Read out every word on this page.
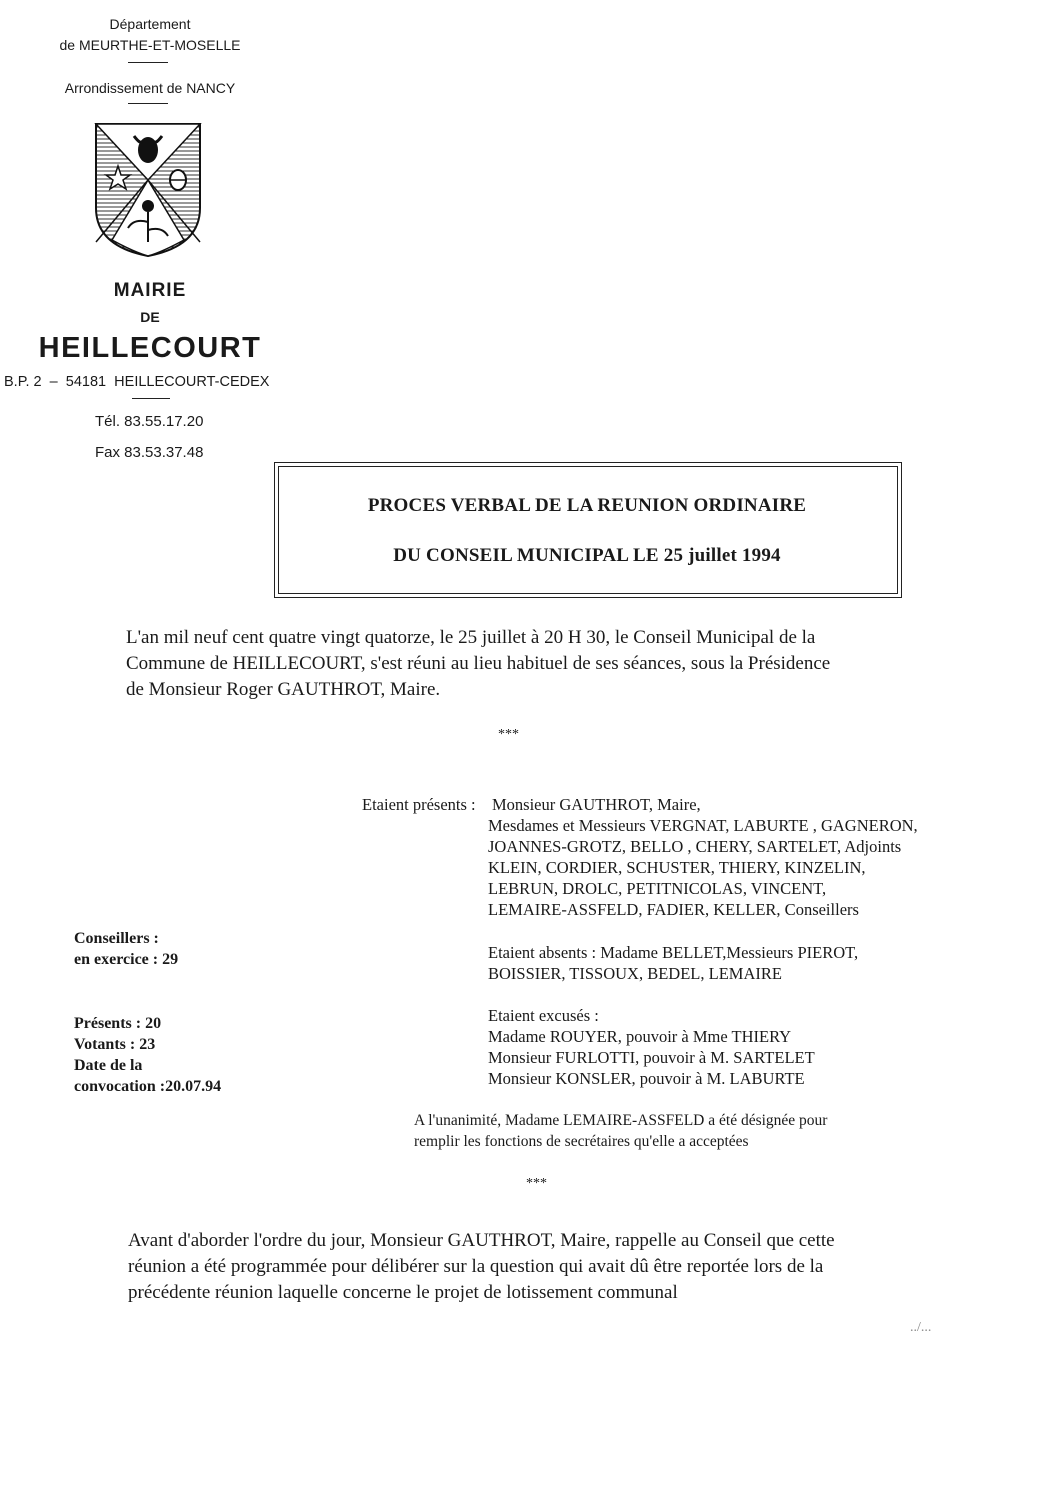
Département
de MEURTHE-ET-MOSELLE
Arrondissement de NANCY
MAIRIE
DE
HEILLECOURT
B.P. 2  –  54181  HEILLECOURT-CEDEX
Tél. 83.55.17.20
Fax 83.53.37.48
PROCES VERBAL DE LA REUNION ORDINAIRE
DU CONSEIL MUNICIPAL LE 25 juillet 1994
L'an mil neuf cent quatre vingt quatorze, le 25 juillet à 20 H 30, le Conseil Municipal de la
Commune de HEILLECOURT, s'est réuni au lieu habituel de ses séances, sous la Présidence
de Monsieur Roger GAUTHROT, Maire.
***
Etaient présents : Monsieur GAUTHROT, Maire,
Mesdames et Messieurs VERGNAT, LABURTE , GAGNERON,
JOANNES-GROTZ, BELLO , CHERY, SARTELET, Adjoints
KLEIN, CORDIER, SCHUSTER, THIERY, KINZELIN,
LEBRUN, DROLC, PETITNICOLAS, VINCENT,
LEMAIRE-ASSFELD, FADIER, KELLER, Conseillers
Conseillers :
en exercice : 29
Présents : 20
Votants : 23
Date de la
convocation :20.07.94
Etaient absents : Madame BELLET,Messieurs PIEROT,
BOISSIER, TISSOUX, BEDEL, LEMAIRE
Etaient excusés :
Madame ROUYER, pouvoir à Mme THIERY
Monsieur FURLOTTI, pouvoir à M. SARTELET
Monsieur KONSLER, pouvoir à M. LABURTE
A l'unanimité, Madame LEMAIRE-ASSFELD a été désignée pour
remplir les fonctions de secrétaires qu'elle a acceptées
***
Avant d'aborder l'ordre du jour, Monsieur GAUTHROT, Maire, rappelle au Conseil que cette
réunion a été programmée pour délibérer sur la question qui avait dû être reportée lors de la
précédente réunion laquelle concerne le projet de lotissement communal
../...
